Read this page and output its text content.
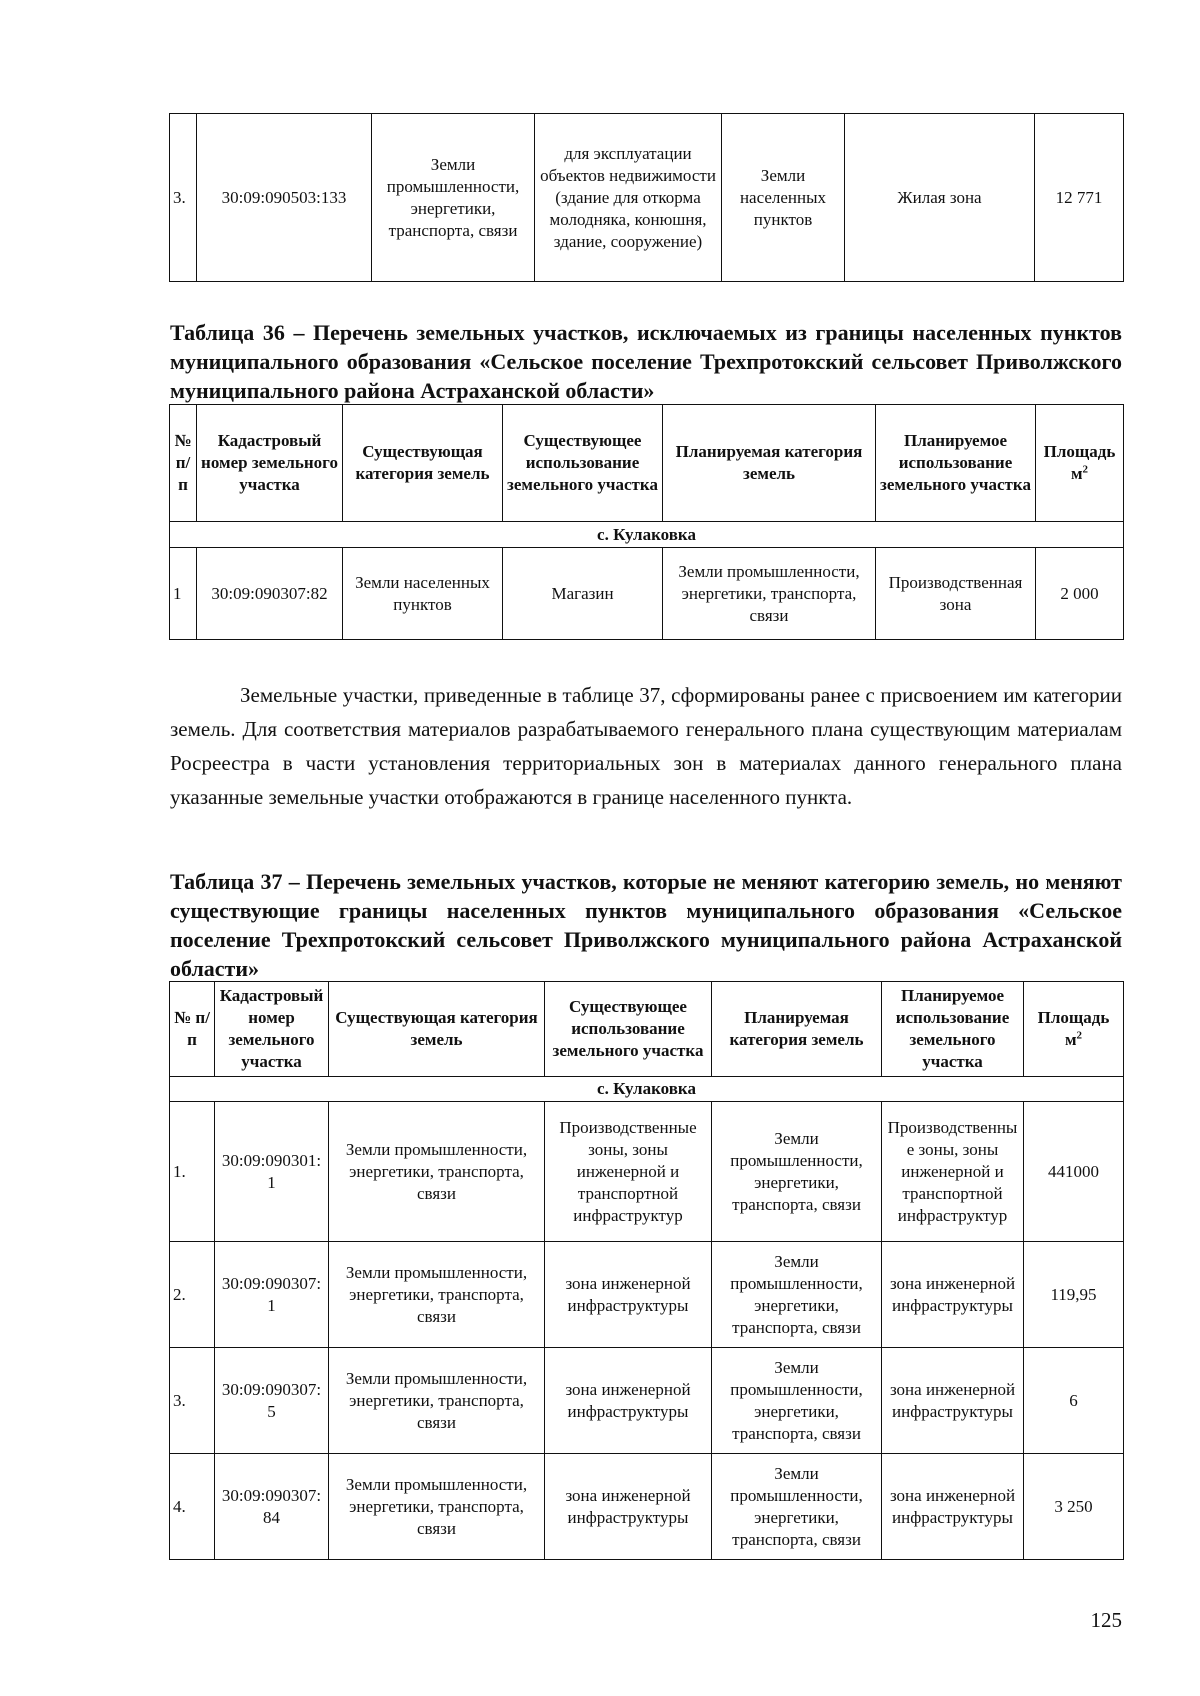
3.	30:09:090503:133	Земли промышленности, энергетики, транспорта, связи	для эксплуатации объектов недвижимости (здание для откорма молодняка, конюшня, здание, сооружение)	Земли населенных пунктов	Жилая зона	12 771
Таблица 36 – Перечень земельных участков, исключаемых из границы населенных пунктов муниципального образования «Сельское поселение Трехпротокский сельсовет Приволжского муниципального района Астраханской области»
№ п/п	Кадастровый номер земельного участка	Существующая категория земель	Существующее использование земельного участка	Планируемая категория земель	Планируемое использование земельного участка	Площадь $м^2$
с. Кулаковка						
1	30:09:090307:82	Земли населенных пунктов	Магазин	Земли промышленности, энергетики, транспорта, связи	Производственная зона	2 000
Земельные участки, приведенные в таблице 37, сформированы ранее с присвоением им категории земель. Для соответствия материалов разрабатываемого генерального плана существующим материалам Росреестра в части установления территориальных зон в материалах данного генерального плана указанные земельные участки отображаются в границе населенного пункта.
Таблица 37 – Перечень земельных участков, которые не меняют категорию земель, но меняют существующие границы населенных пунктов муниципального образования «Сельское поселение Трехпротокский сельсовет Приволжского муниципального района Астраханской области»
№ п/п	Кадастровый номер земельного участка	Существующая категория земель	Существующее использование земельного участка	Планируемая категория земель	Планируемое использование земельного участка	Площадь $м^2$
с. Кулаковка						
1.	30:09:090301:1	Земли промышленности, энергетики, транспорта, связи	Производственные зоны, зоны инженерной и транспортной инфраструктур	Земли промышленности, энергетики, транспорта, связи	Производственные зоны, зоны инженерной и транспортной инфраструктур	441000
2.	30:09:090307:1	Земли промышленности, энергетики, транспорта, связи	зона инженерной инфраструктуры	Земли промышленности, энергетики, транспорта, связи	зона инженерной инфраструктуры	119,95
3.	30:09:090307:5	Земли промышленности, энергетики, транспорта, связи	зона инженерной инфраструктуры	Земли промышленности, энергетики, транспорта, связи	зона инженерной инфраструктуры	6
4.	30:09:090307:84	Земли промышленности, энергетики, транспорта, связи	зона инженерной инфраструктуры	Земли промышленности, энергетики, транспорта, связи	зона инженерной инфраструктуры	3 250
125
